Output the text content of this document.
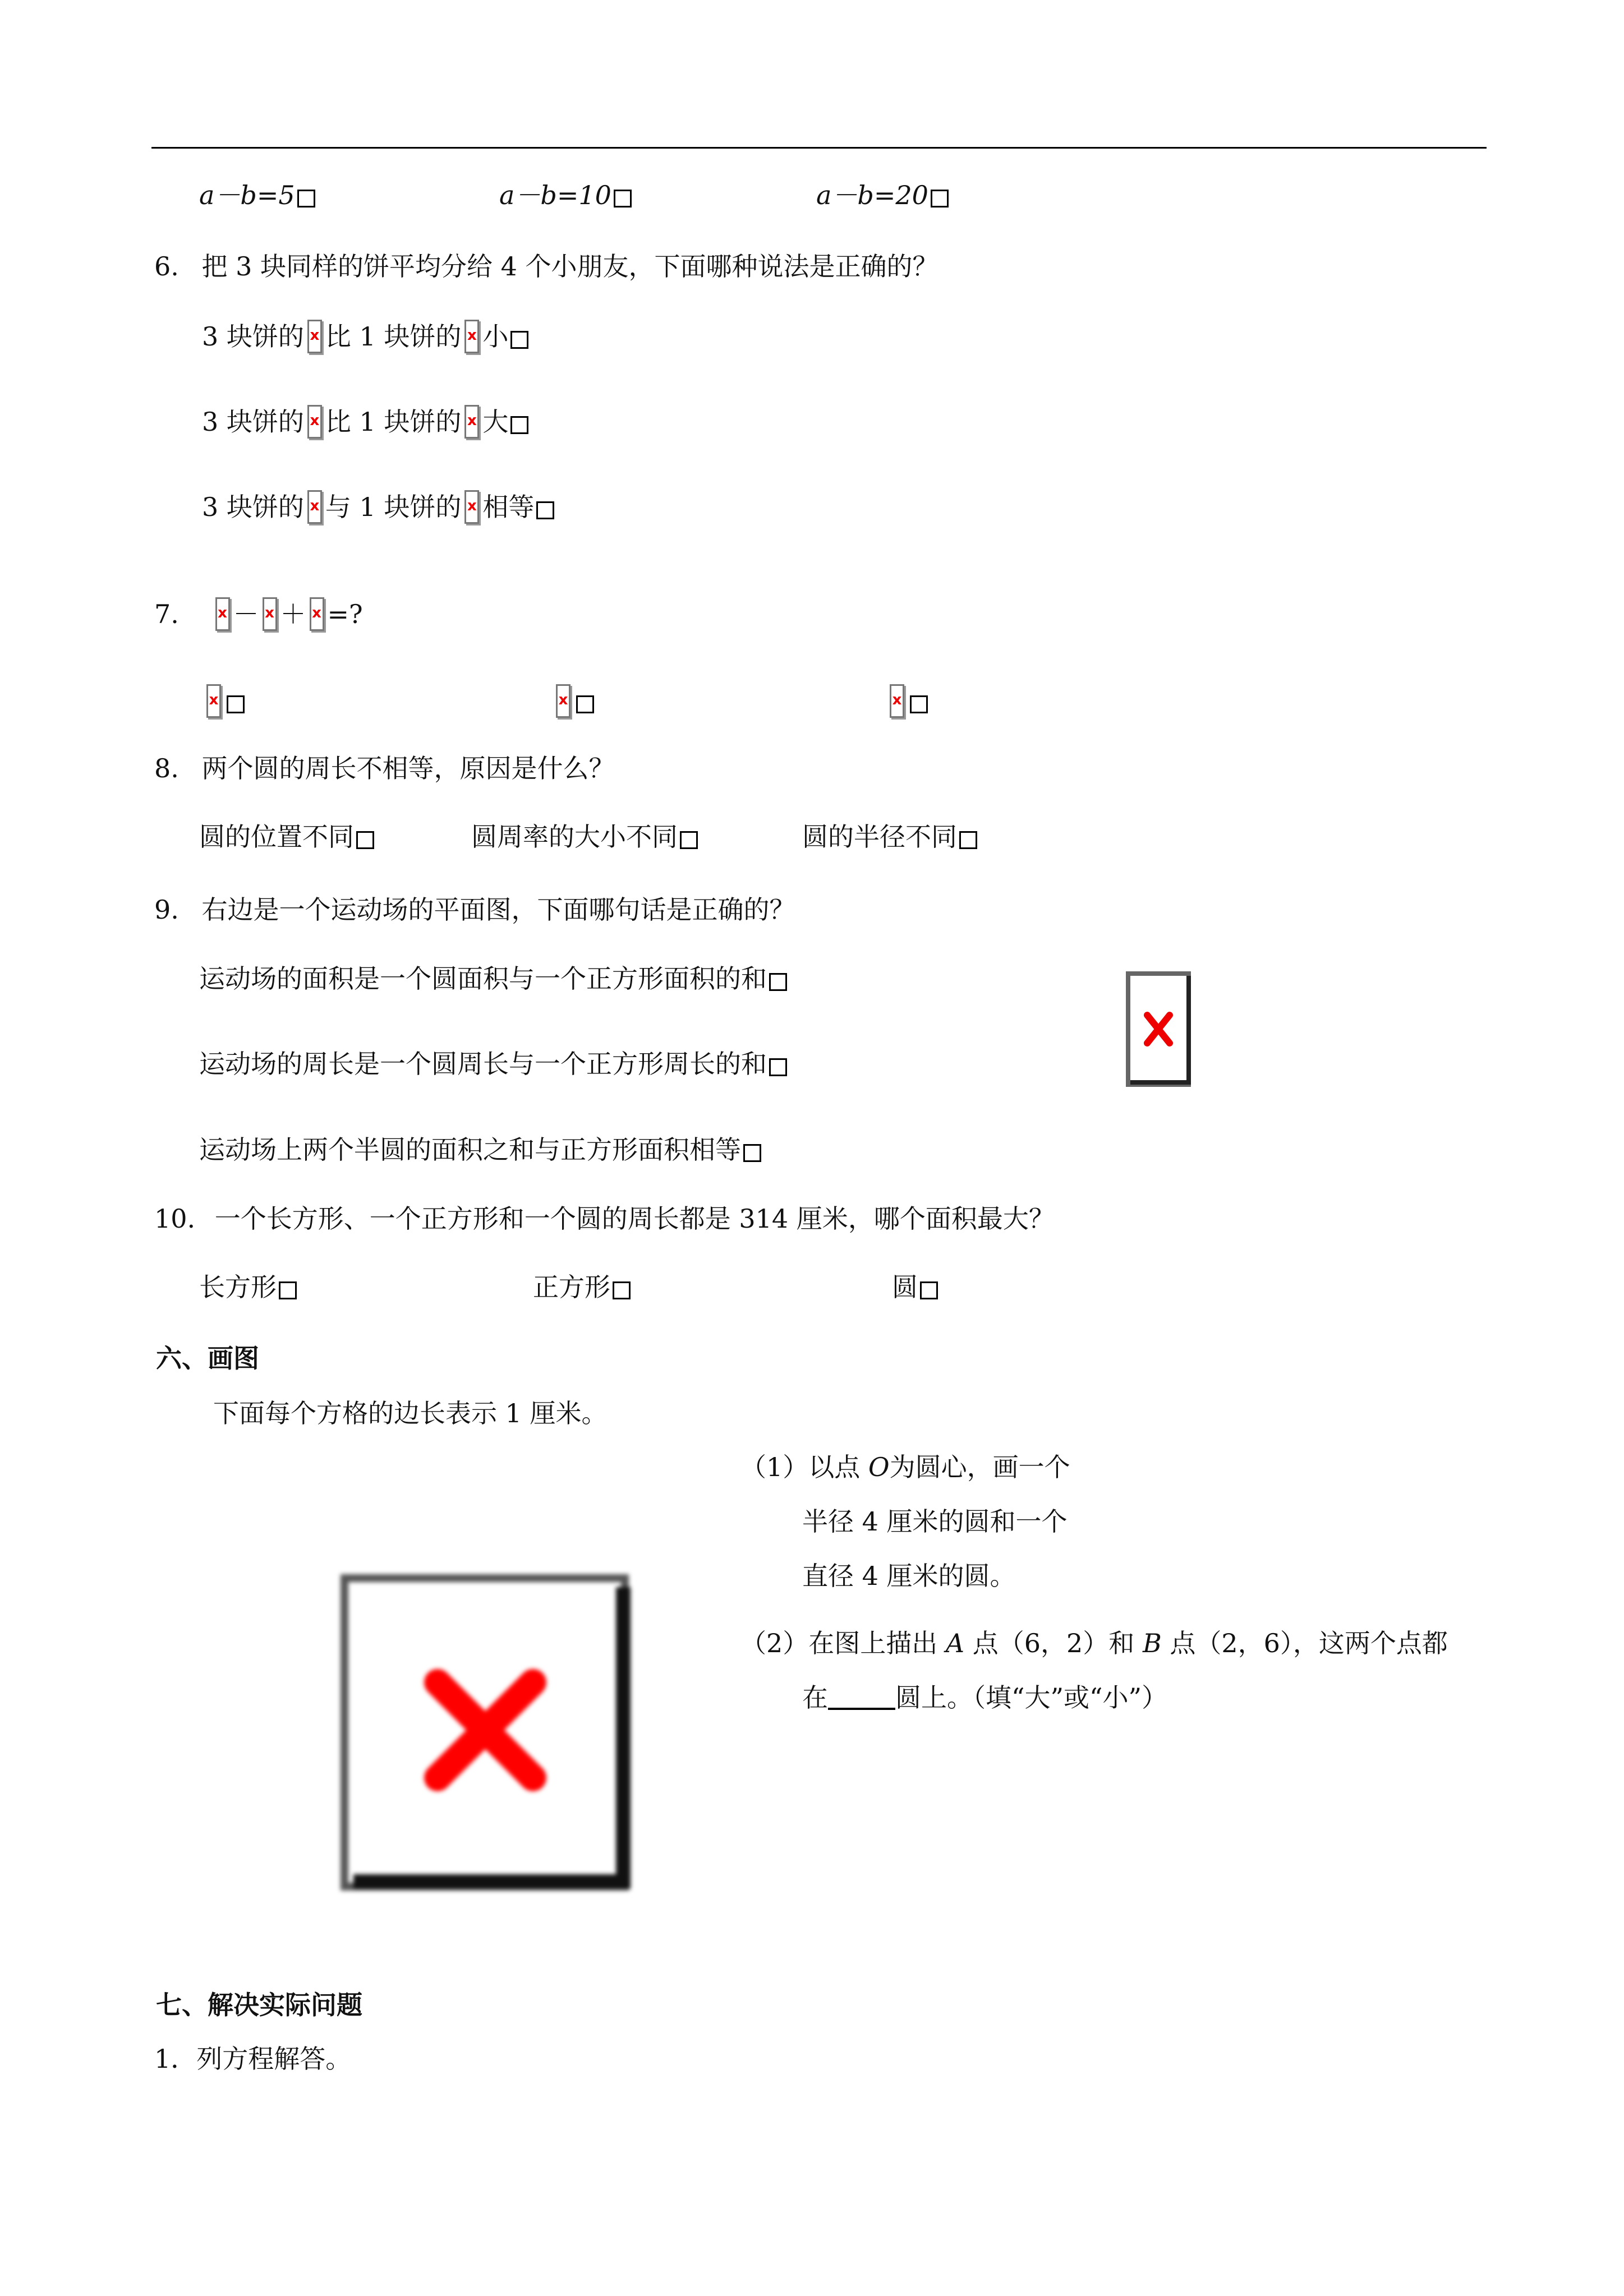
a－b=5	a－b=10	a－b=20
6. 把 3 块同样的饼平均分给 4 个小朋友，下面哪种说法是正确的？
3 块饼的 x 比 1 块饼的 x 小
3 块饼的 x 比 1 块饼的 x 大
3 块饼的 x 与 1 块饼的 x 相等
7. x － x ＋ x =?
x
x
x
8. 两个圆的周长不相等，原因是什么？
圆的位置不同	圆周率的大小不同	圆的半径不同
9. 右边是一个运动场的平面图，下面哪句话是正确的？
运动场的面积是一个圆面积与一个正方形面积的和
运动场的周长是一个圆周长与一个正方形周长的和
运动场上两个半圆的面积之和与正方形面积相等
10. 一个长方形、一个正方形和一个圆的周长都是 314 厘米，哪个面积最大？
长方形	正方形	圆
六、画图
下面每个方格的边长表示 1 厘米。
（1）以点 O为圆心，画一个
半径 4 厘米的圆和一个
直径 4 厘米的圆。
（2）在图上描出 A 点（6，2）和 B 点（2，6），这两个点都
在	圆上。（填“大”或“小”）
七、解决实际问题
1．列方程解答。
